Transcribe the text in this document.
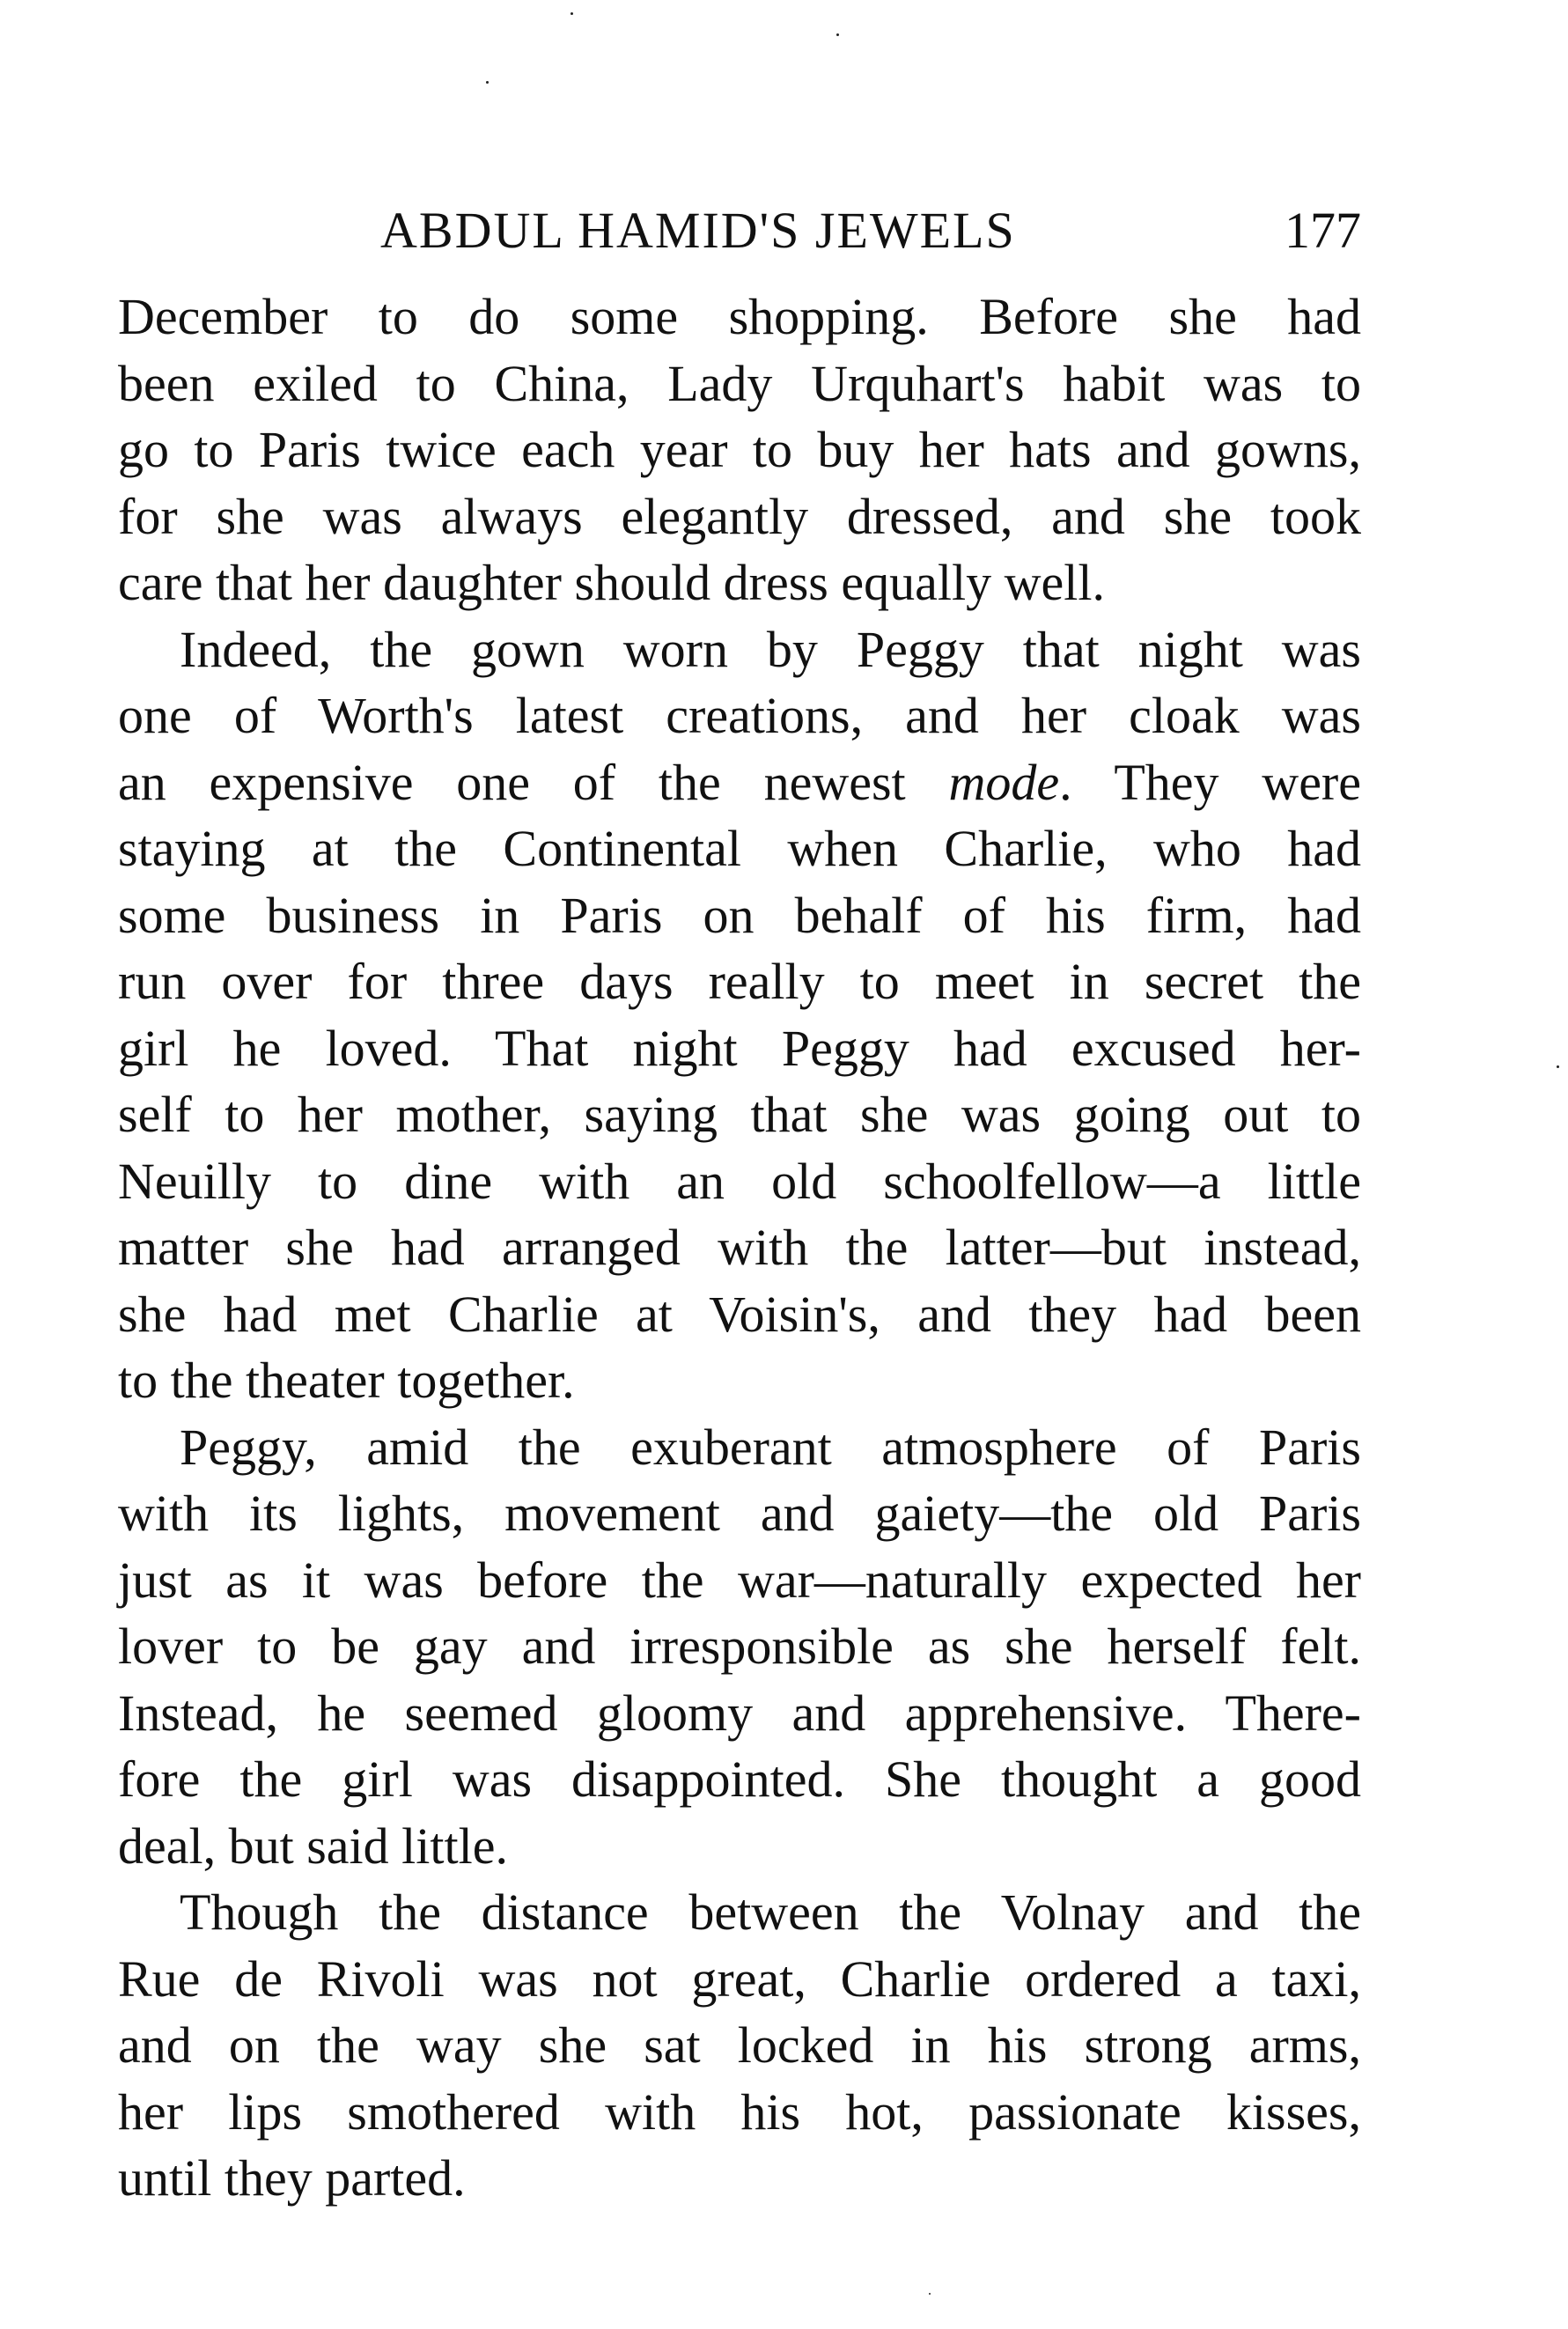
ABDUL HAMID'S JEWELS	177
December to do some shopping. Before she had
been exiled to China, Lady Urquhart's habit was to
go to Paris twice each year to buy her hats and gowns,
for she was always elegantly dressed, and she took
care that her daughter should dress equally well.
Indeed, the gown worn by Peggy that night was
one of Worth's latest creations, and her cloak was
an expensive one of the newest mode. They were
staying at the Continental when Charlie, who had
some business in Paris on behalf of his firm, had
run over for three days really to meet in secret the
girl he loved. That night Peggy had excused her-
self to her mother, saying that she was going out to
Neuilly to dine with an old schoolfellow—a little
matter she had arranged with the latter—but instead,
she had met Charlie at Voisin's, and they had been
to the theater together.
Peggy, amid the exuberant atmosphere of Paris
with its lights, movement and gaiety—the old Paris
just as it was before the war—naturally expected her
lover to be gay and irresponsible as she herself felt.
Instead, he seemed gloomy and apprehensive. There-
fore the girl was disappointed. She thought a good
deal, but said little.
Though the distance between the Volnay and the
Rue de Rivoli was not great, Charlie ordered a taxi,
and on the way she sat locked in his strong arms,
her lips smothered with his hot, passionate kisses,
until they parted.
